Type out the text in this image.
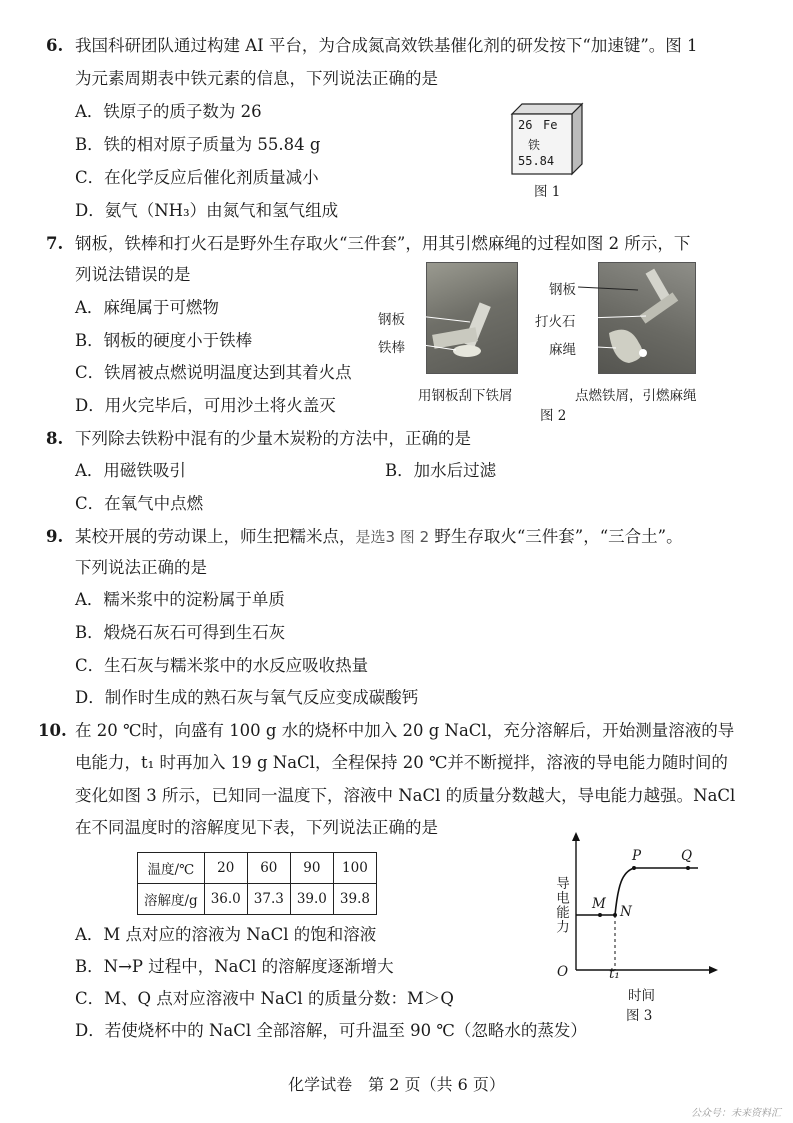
6. 我国科研团队通过构建 AI 平台，为合成氮高效铁基催化剂的研发按下“加速键”。图 1
为元素周期表中铁元素的信息，下列说法正确的是
A．铁原子的质子数为 26
B．铁的相对原子质量为 55.84 g
C．在化学反应后催化剂质量减小
D．氨气（NH₃）由氮气和氢气组成
26 Fe
铁
55.84
图 1
7. 钢板，铁棒和打火石是野外生存取火“三件套”，用其引燃麻绳的过程如图 2 所示，下
列说法错误的是
A．麻绳属于可燃物
B．钢板的硬度小于铁棒
C．铁屑被点燃说明温度达到其着火点
D．用火完毕后，可用沙土将火盖灭
钢板
铁棒
钢板
打火石
麻绳
用钢板刮下铁屑	点燃铁屑，引燃麻绳
图 2
8. 下列除去铁粉中混有的少量木炭粉的方法中，正确的是
A．用磁铁吸引	B．加水后过滤
C．在氧气中点燃
9. 某校开展的劳动课上，师生把糯米点，是选3 图 2 野生存取火“三件套”，“三合土”。
下列说法正确的是
A．糯米浆中的淀粉属于单质
B．煅烧石灰石可得到生石灰
C．生石灰与糯米浆中的水反应吸收热量
D．制作时生成的熟石灰与氧气反应变成碳酸钙
10. 在 20 ℃时，向盛有 100 g 水的烧杯中加入 20 g NaCl，充分溶解后，开始测量溶液的导
电能力，t₁ 时再加入 19 g NaCl，全程保持 20 ℃并不断搅拌，溶液的导电能力随时间的
变化如图 3 所示，已知同一温度下，溶液中 NaCl 的质量分数越大，导电能力越强。NaCl
在不同温度时的溶解度见下表，下列说法正确的是
温度/℃	20	60	90	100
溶解度/g	36.0	37.3	39.0	39.8
A．M 点对应的溶液为 NaCl 的饱和溶液
B．N→P 过程中，NaCl 的溶解度逐渐增大
C．M、Q 点对应溶液中 NaCl 的质量分数：M＞Q
D．若使烧杯中的 NaCl 全部溶解，可升温至 90 ℃（忽略水的蒸发）
导电能力
O	t₁
时间
M N
P	Q
图 3
化学试卷　第 2 页（共 6 页）
公众号：未来资料汇
